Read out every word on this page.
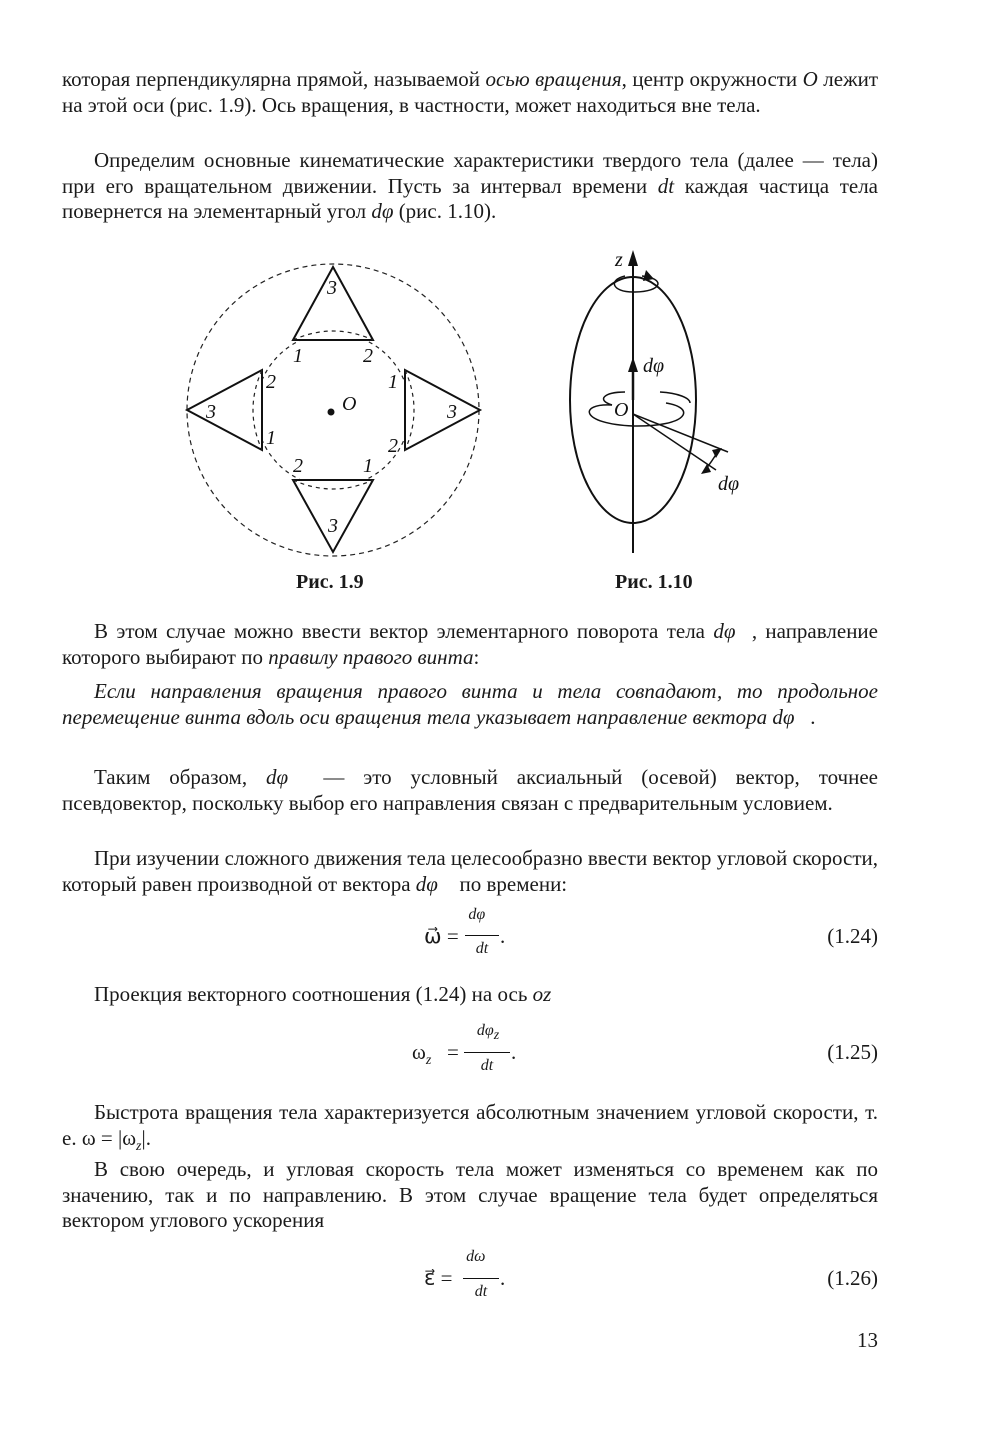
которая перпендикулярна прямой, называемой осью вращения, центр окружности O лежит на этой оси (рис. 1.9). Ось вращения, в частности, может находиться вне тела.
Определим основные кинематические характеристики твердого тела (далее — тела) при его вращательном движении. Пусть за интервал времени dt каждая частица тела повернется на элементарный угол dφ (рис. 1.10).
O
3
1	2
3
2
1
3
1
2
3
2	1
z
O
dφ⃗
dφ
Рис. 1.9	Рис. 1.10
В этом случае можно ввести вектор элементарного поворота тела dφ⃗, направление которого выбирают по правилу правого винта:
Если направления вращения правого винта и тела совпадают, то продольное перемещение винта вдоль оси вращения тела указывает направление вектора dφ⃗.
Таким образом, dφ⃗ — это условный аксиальный (осевой) вектор, точнее псевдовектор, поскольку выбор его направления связан с предварительным условием.
При изучении сложного движения тела целесообразно ввести вектор угловой скорости, который равен производной от вектора dφ⃗ по времени:
ω⃗ =
dφ⃗
dt
.	(1.24)
Проекция векторного соотношения (1.24) на ось oz
$\omega_z$ =
$d\varphi_z$
dt
.	(1.25)
Быстрота вращения тела характеризуется абсолютным значением угловой скорости, т. е. $\omega = |\omega_z|$.
В свою очередь, и угловая скорость тела может изменяться со временем как по значению, так и по направлению. В этом случае вращение тела будет определяться вектором углового ускорения
ε⃗ =
dω⃗
dt
.	(1.26)
13
